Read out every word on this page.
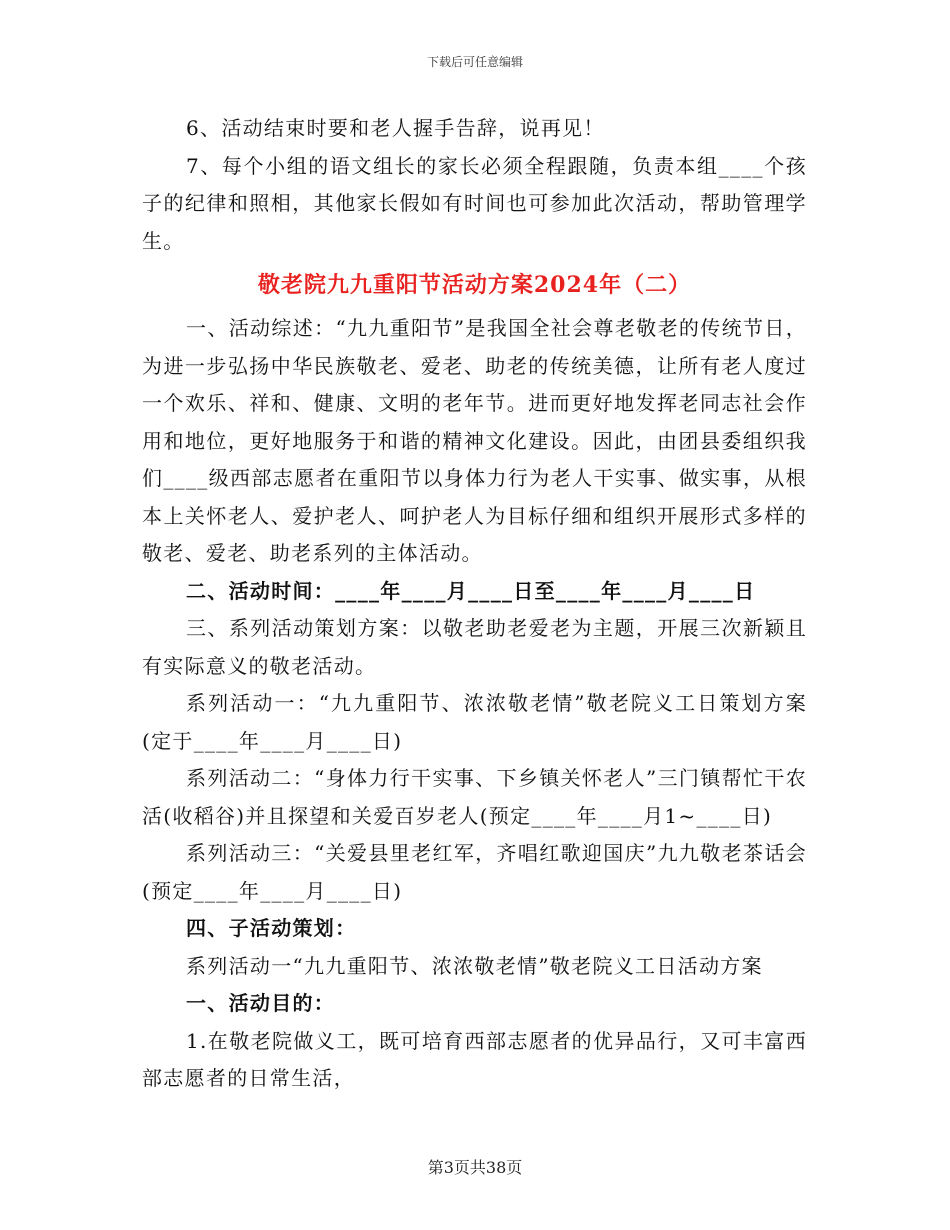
下载后可任意编辑

6、活动结束时要和老人握手告辞，说再见！

7、每个小组的语文组长的家长必须全程跟随，负责本组____个孩子的纪律和照相，其他家长假如有时间也可参加此次活动，帮助管理学生。

敬老院九九重阳节活动方案2024年（二）

一、活动综述：“九九重阳节”是我国全社会尊老敬老的传统节日，为进一步弘扬中华民族敬老、爱老、助老的传统美德，让所有老人度过一个欢乐、祥和、健康、文明的老年节。进而更好地发挥老同志社会作用和地位，更好地服务于和谐的精神文化建设。因此，由团县委组织我们____级西部志愿者在重阳节以身体力行为老人干实事、做实事，从根本上关怀老人、爱护老人、呵护老人为目标仔细和组织开展形式多样的敬老、爱老、助老系列的主体活动。

二、活动时间：____年____月____日至____年____月____日

三、系列活动策划方案：以敬老助老爱老为主题，开展三次新颖且有实际意义的敬老活动。

系列活动一：“九九重阳节、浓浓敬老情”敬老院义工日策划方案(定于____年____月____日)

系列活动二：“身体力行干实事、下乡镇关怀老人”三门镇帮忙干农活(收稻谷)并且探望和关爱百岁老人(预定____年____月1~____日)

系列活动三：“关爱县里老红军，齐唱红歌迎国庆”九九敬老茶话会(预定____年____月____日)

四、子活动策划：

系列活动一“九九重阳节、浓浓敬老情”敬老院义工日活动方案

一、活动目的：

1.在敬老院做义工，既可培育西部志愿者的优异品行，又可丰富西部志愿者的日常生活，

第3页共38页
